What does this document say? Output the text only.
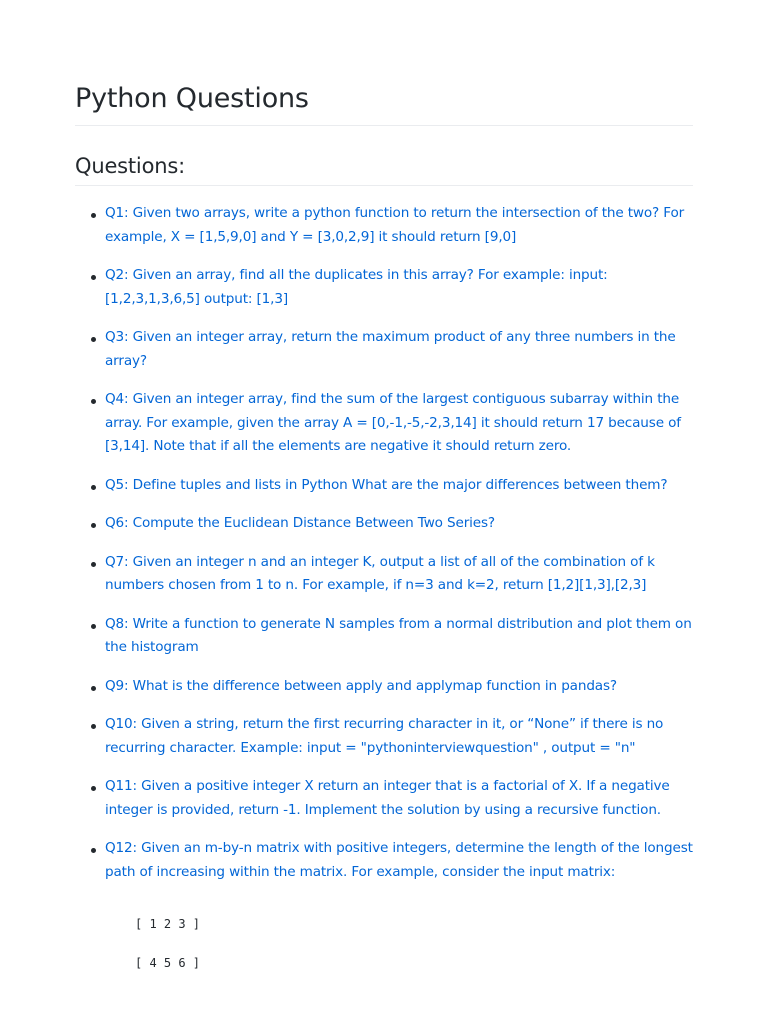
Python Questions
Questions:
Q1: Given two arrays, write a python function to return the intersection of the two? For example, X = [1,5,9,0] and Y = [3,0,2,9] it should return [9,0]
Q2: Given an array, find all the duplicates in this array? For example: input: [1,2,3,1,3,6,5] output: [1,3]
Q3: Given an integer array, return the maximum product of any three numbers in the array?
Q4: Given an integer array, find the sum of the largest contiguous subarray within the array. For example, given the array A = [0,-1,-5,-2,3,14] it should return 17 because of [3,14]. Note that if all the elements are negative it should return zero.
Q5: Define tuples and lists in Python What are the major differences between them?
Q6: Compute the Euclidean Distance Between Two Series?
Q7: Given an integer n and an integer K, output a list of all of the combination of k numbers chosen from 1 to n. For example, if n=3 and k=2, return [1,2][1,3],[2,3]
Q8: Write a function to generate N samples from a normal distribution and plot them on the histogram
Q9: What is the difference between apply and applymap function in pandas?
Q10: Given a string, return the first recurring character in it, or “None” if there is no recurring character. Example: input = "pythoninterviewquestion" , output = "n"
Q11: Given a positive integer X return an integer that is a factorial of X. If a negative integer is provided, return -1. Implement the solution by using a recursive function.
Q12: Given an m-by-n matrix with positive integers, determine the length of the longest path of increasing within the matrix. For example, consider the input matrix:
[ 1 2 3 ]
[ 4 5 6 ]
